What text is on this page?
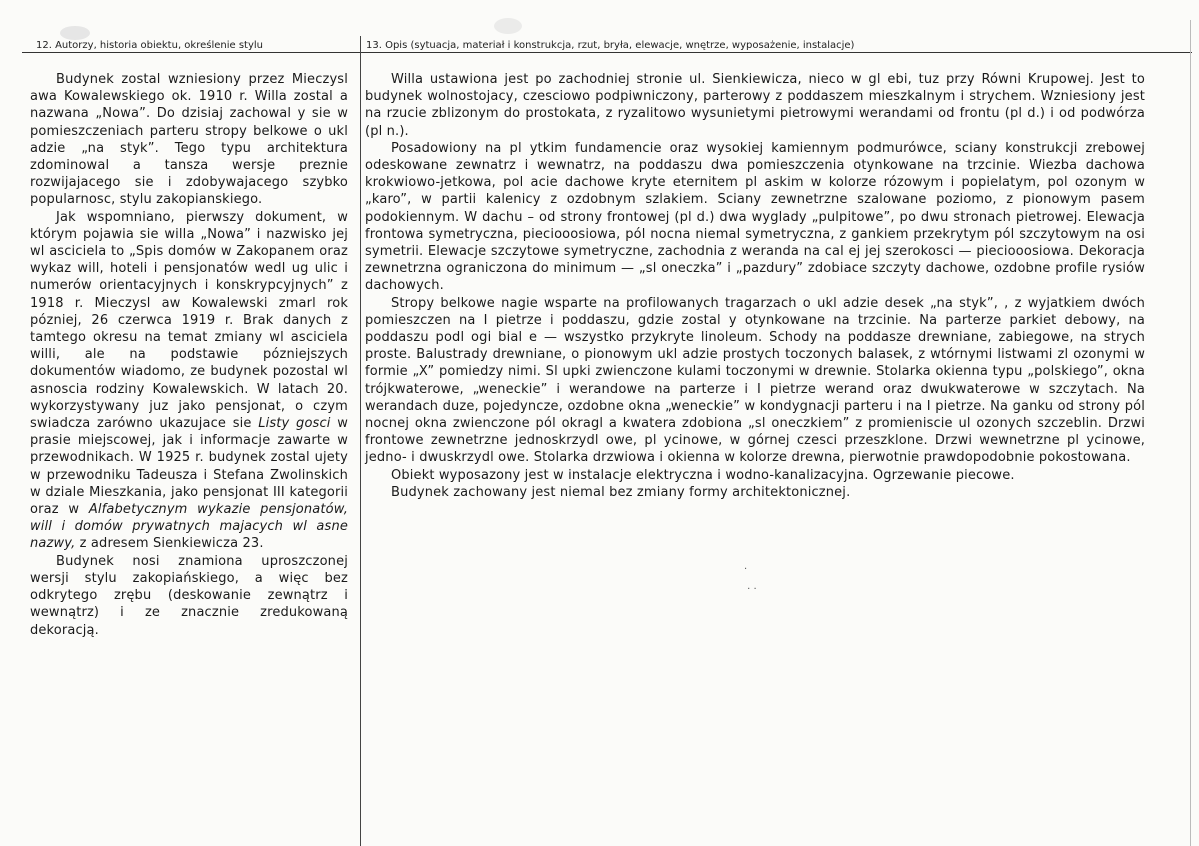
12. Autorzy, historia obiektu, określenie stylu	13. Opis (sytuacja, materiał i konstrukcja, rzut, bryła, elewacje, wnętrze, wyposażenie, instalacje)

Budynek zostal wzniesiony przez Mieczysl awa Kowalewskiego ok. 1910 r. Willa zostal a nazwana „Nowa”. Do dzisiaj zachowal y sie w pomieszczeniach parteru stropy belkowe o ukl adzie „na styk”. Tego typu architektura zdominowal a tansza wersje preznie rozwijajacego sie i zdobywajacego szybko popularnosc, stylu zakopianskiego.

Jak wspomniano, pierwszy dokument, w którym pojawia sie willa „Nowa” i nazwisko jej wl asciciela to „Spis domów w Zakopanem oraz wykaz will, hoteli i pensjonatów wedl ug ulic i numerów orientacyjnych i konskrypcyjnych” z 1918 r. Mieczysl aw Kowalewski zmarl rok pózniej, 26 czerwca 1919 r. Brak danych z tamtego okresu na temat zmiany wl asciciela willi, ale na podstawie pózniejszych dokumentów wiadomo, ze budynek pozostal wl asnoscia rodziny Kowalewskich. W latach 20. wykorzystywany juz jako pensjonat, o czym swiadcza zarówno ukazujace sie Listy gosci w prasie miejscowej, jak i informacje zawarte w przewodnikach. W 1925 r. budynek zostal ujety w przewodniku Tadeusza i Stefana Zwolinskich w dziale Mieszkania, jako pensjonat III kategorii oraz w Alfabetycznym wykazie pensjonatów, will i domów prywatnych majacych wl asne nazwy, z adresem Sienkiewicza 23.

Budynek nosi znamiona uproszczonej wersji stylu zakopiańskiego, a więc bez odkrytego zrębu (deskowanie zewnątrz i wewnątrz) i ze znacznie zredukowaną dekoracją.

Willa ustawiona jest po zachodniej stronie ul. Sienkiewicza, nieco w gl ebi, tuz przy Równi Krupowej. Jest to budynek wolnostojacy, czesciowo podpiwniczony, parterowy z poddaszem mieszkalnym i strychem. Wzniesiony jest na rzucie zblizonym do prostokata, z ryzalitowo wysunietymi pietrowymi werandami od frontu (pl d.) i od podwórza (pl n.).

Posadowiony na pl ytkim fundamencie oraz wysokiej kamiennym podmurówce, sciany konstrukcji zrebowej odeskowane zewnatrz i wewnatrz, na poddaszu dwa pomieszczenia otynkowane na trzcinie. Wiezba dachowa krokwiowo-jetkowa, pol acie dachowe kryte eternitem pl askim w kolorze rózowym i popielatym, pol ozonym w „karo”, w partii kalenicy z ozdobnym szlakiem. Sciany zewnetrzne szalowane poziomo, z pionowym pasem podokiennym. W dachu – od strony frontowej (pl d.) dwa wyglady „pulpitowe”, po dwu stronach pietrowej. Elewacja frontowa symetryczna, pieciooosiowa, pól nocna niemal symetryczna, z gankiem przekrytym pól szczytowym na osi symetrii. Elewacje szczytowe symetryczne, zachodnia z weranda na cal ej jej szerokosci — pieciooosiowa. Dekoracja zewnetrzna ograniczona do minimum — „sl oneczka” i „pazdury” zdobiace szczyty dachowe, ozdobne profile rysiów dachowych.

Stropy belkowe nagie wsparte na profilowanych tragarzach o ukl adzie desek „na styk”, , z wyjatkiem dwóch pomieszczen na I pietrze i poddaszu, gdzie zostal y otynkowane na trzcinie. Na parterze parkiet debowy, na poddaszu podl ogi bial e — wszystko przykryte linoleum. Schody na poddasze drewniane, zabiegowe, na strych proste. Balustrady drewniane, o pionowym ukl adzie prostych toczonych balasek, z wtórnymi listwami zl ozonymi w formie „X” pomiedzy nimi. Sl upki zwienczone kulami toczonymi w drewnie. Stolarka okienna typu „polskiego”, okna trójkwaterowe, „weneckie” i werandowe na parterze i I pietrze werand oraz dwukwaterowe w szczytach. Na werandach duze, pojedyncze, ozdobne okna „weneckie” w kondygnacji parteru i na I pietrze. Na ganku od strony pól nocnej okna zwienczone pól okragl a kwatera zdobiona „sl oneczkiem” z promieniscie ul ozonych szczeblin. Drzwi frontowe zewnetrzne jednoskrzydl owe, pl ycinowe, w górnej czesci przeszklone. Drzwi wewnetrzne pl ycinowe, jedno- i dwuskrzydl owe. Stolarka drzwiowa i okienna w kolorze drewna, pierwotnie prawdopodobnie pokostowana.

Obiekt wyposazony jest w instalacje elektryczna i wodno-kanalizacyjna. Ogrzewanie piecowe.

Budynek zachowany jest niemal bez zmiany formy architektonicznej.

·
· ·
